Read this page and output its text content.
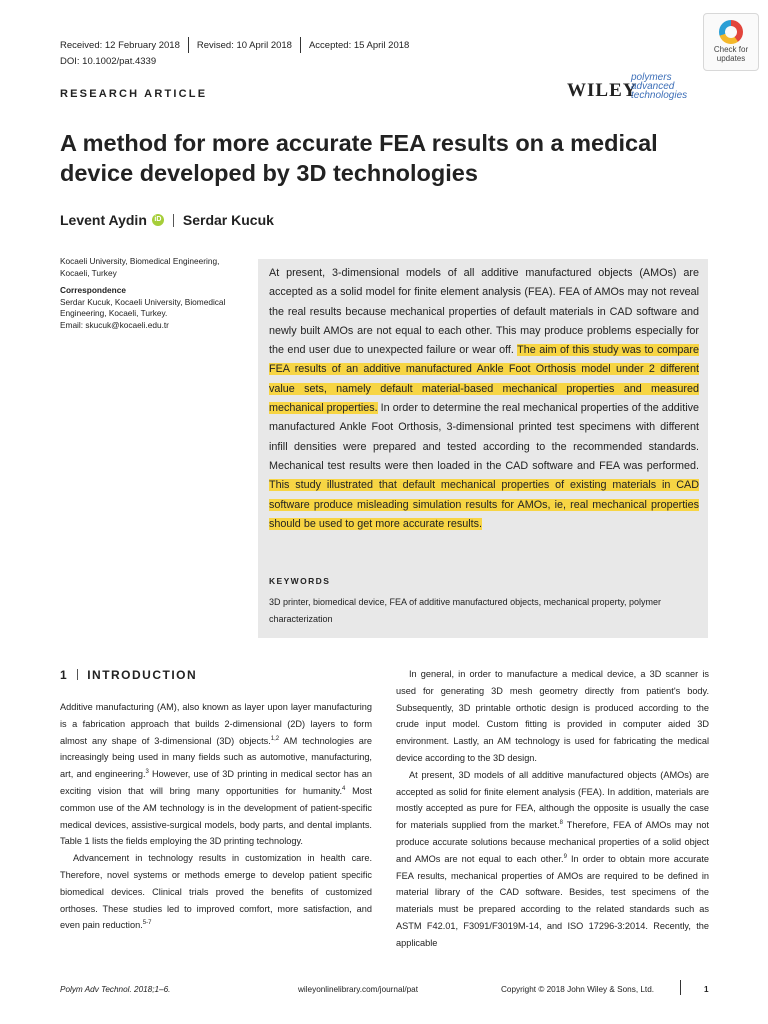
Received: 12 February 2018 Revised: 10 April 2018 Accepted: 15 April 2018
DOI: 10.1002/pat.4339
RESEARCH ARTICLE
Check for
updates
WILEY
polymers
advanced
technologies
A method for more accurate FEA results on a medical device developed by 3D technologies
Levent Aydin	iD Serdar Kucuk
Kocaeli University, Biomedical Engineering, Kocaeli, Turkey
Correspondence
Serdar Kucuk, Kocaeli University, Biomedical Engineering, Kocaeli, Turkey.
Email: skucuk@kocaeli.edu.tr
At present, 3-dimensional models of all additive manufactured objects (AMOs) are accepted as a solid model for finite element analysis (FEA). FEA of AMOs may not reveal the real results because mechanical properties of default materials in CAD software and newly built AMOs are not equal to each other. This may produce problems especially for the end user due to unexpected failure or wear off. The aim of this study was to compare FEA results of an additive manufactured Ankle Foot Orthosis model under 2 different value sets, namely default material-based mechanical properties and measured mechanical properties. In order to determine the real mechanical properties of the additive manufactured Ankle Foot Orthosis, 3-dimensional printed test specimens with different infill densities were prepared and tested according to the recommended standards. Mechanical test results were then loaded in the CAD software and FEA was performed. This study illustrated that default mechanical properties of existing materials in CAD software produce misleading simulation results for AMOs, ie, real mechanical properties should be used to get more accurate results.
KEYWORDS
3D printer, biomedical device, FEA of additive manufactured objects, mechanical property, polymer characterization
1 INTRODUCTION

Additive manufacturing (AM), also known as layer upon layer manufacturing is a fabrication approach that builds 2-dimensional (2D) layers to form almost any shape of 3-dimensional (3D) objects.$^{1,2}$ AM technologies are increasingly being used in many fields such as automotive, manufacturing, art, and engineering.$^3$ However, use of 3D printing in medical sector has an exciting vision that will bring many opportunities for humanity.$^4$ Most common use of the AM technology is in the development of patient-specific medical devices, assistive-surgical models, body parts, and dental implants. Table 1 lists the fields employing the 3D printing technology.

Advancement in technology results in customization in health care. Therefore, novel systems or methods emerge to develop patient specific biomedical devices. Clinical trials proved the benefits of customized orthoses. These studies led to improved comfort, more satisfaction, and even pain reduction.$^{5-7}$

In general, in order to manufacture a medical device, a 3D scanner is used for generating 3D mesh geometry directly from patient's body. Subsequently, 3D printable orthotic design is produced according to the crude input model. Custom fitting is provided in computer aided 3D environment. Lastly, an AM technology is used for fabricating the medical device according to the 3D design.

At present, 3D models of all additive manufactured objects (AMOs) are accepted as solid for finite element analysis (FEA). In addition, materials are mostly accepted as pure for FEA, although the opposite is usually the case for materials supplied from the market.$^8$ Therefore, FEA of AMOs may not produce accurate solutions because mechanical properties of a solid object and AMOs are not equal to each other.$^9$ In order to obtain more accurate FEA results, mechanical properties of AMOs are required to be defined in material library of the CAD software. Besides, test specimens of the materials must be prepared according to the related standards such as ASTM F42.01, F3091/F3019M-14, and ISO 17296-3:2014. Recently, the applicable

Polym Adv Technol. 2018;1–6.	wileyonlinelibrary.com/journal/pat	Copyright © 2018 John Wiley & Sons, Ltd.	1
